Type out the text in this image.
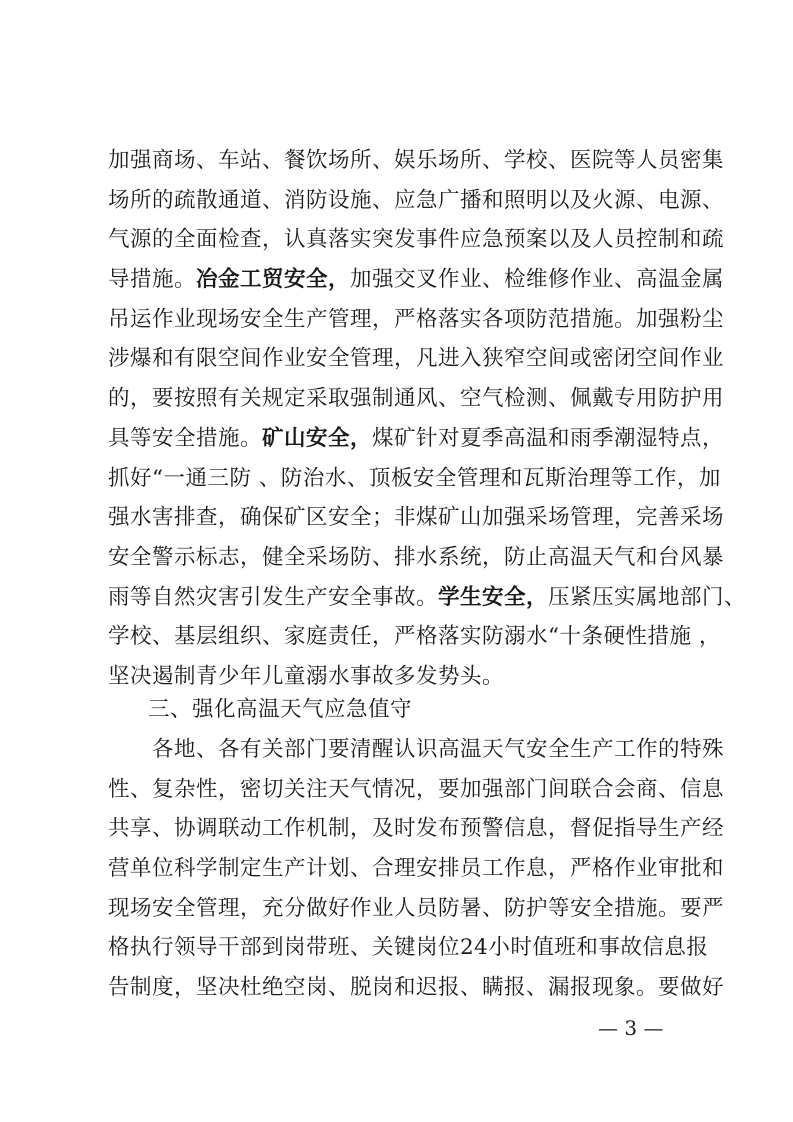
加强商场、车站、餐饮场所、娱乐场所、学校、医院等人员密集
场所的疏散通道、消防设施、应急广播和照明以及火源、电源、
气源的全面检查，认真落实突发事件应急预案以及人员控制和疏
导措施。冶金工贸安全，加强交叉作业、检维修作业、高温金属
吊运作业现场安全生产管理，严格落实各项防范措施。加强粉尘
涉爆和有限空间作业安全管理，凡进入狭窄空间或密闭空间作业
的，要按照有关规定采取强制通风、空气检测、佩戴专用防护用
具等安全措施。矿山安全，煤矿针对夏季高温和雨季潮湿特点，
抓好“一通三防 、防治水、顶板安全管理和瓦斯治理等工作，加
强水害排查，确保矿区安全；非煤矿山加强采场管理，完善采场
安全警示标志，健全采场防、排水系统，防止高温天气和台风暴
雨等自然灾害引发生产安全事故。学生安全，压紧压实属地部门、
学校、基层组织、家庭责任，严格落实防溺水“十条硬性措施 ，
坚决遏制青少年儿童溺水事故多发势头。
三、强化高温天气应急值守
　　各地、各有关部门要清醒认识高温天气安全生产工作的特殊
性、复杂性，密切关注天气情况，要加强部门间联合会商、信息
共享、协调联动工作机制，及时发布预警信息，督促指导生产经
营单位科学制定生产计划、合理安排员工作息，严格作业审批和
现场安全管理，充分做好作业人员防暑、防护等安全措施。要严
格执行领导干部到岗带班、关键岗位24小时值班和事故信息报
告制度，坚决杜绝空岗、脱岗和迟报、瞒报、漏报现象。要做好
— 3 —
